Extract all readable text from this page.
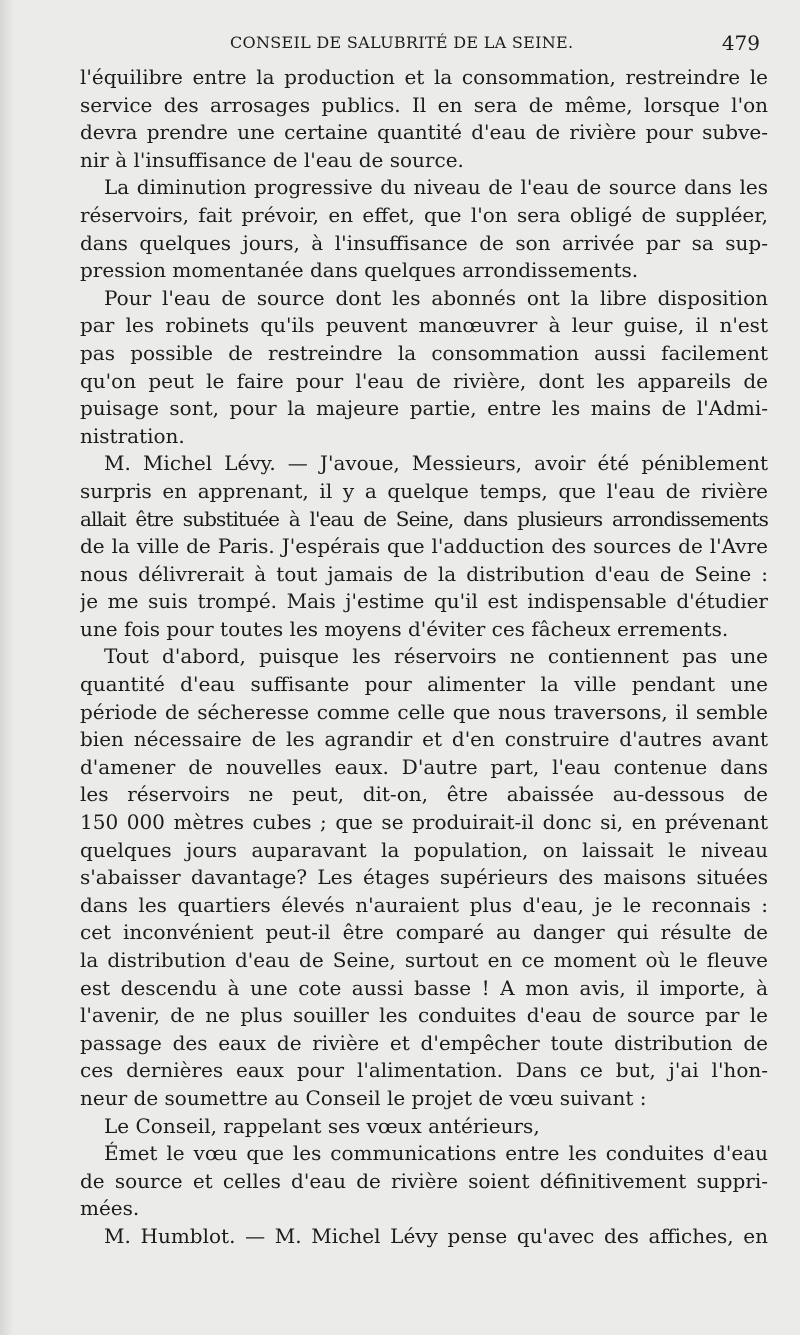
CONSEIL DE SALUBRITÉ DE LA SEINE.	479
l'équilibre entre la production et la consommation, restreindre le
service des arrosages publics. Il en sera de même, lorsque l'on
devra prendre une certaine quantité d'eau de rivière pour subve-
nir à l'insuffisance de l'eau de source.
La diminution progressive du niveau de l'eau de source dans les
réservoirs, fait prévoir, en effet, que l'on sera obligé de suppléer,
dans quelques jours, à l'insuffisance de son arrivée par sa sup-
pression momentanée dans quelques arrondissements.
Pour l'eau de source dont les abonnés ont la libre disposition
par les robinets qu'ils peuvent manœuvrer à leur guise, il n'est
pas possible de restreindre la consommation aussi facilement
qu'on peut le faire pour l'eau de rivière, dont les appareils de
puisage sont, pour la majeure partie, entre les mains de l'Admi-
nistration.
M. Michel Lévy. — J'avoue, Messieurs, avoir été péniblement
surpris en apprenant, il y a quelque temps, que l'eau de rivière
allait être substituée à l'eau de Seine, dans plusieurs arrondissements
de la ville de Paris. J'espérais que l'adduction des sources de l'Avre
nous délivrerait à tout jamais de la distribution d'eau de Seine :
je me suis trompé. Mais j'estime qu'il est indispensable d'étudier
une fois pour toutes les moyens d'éviter ces fâcheux errements.
Tout d'abord, puisque les réservoirs ne contiennent pas une
quantité d'eau suffisante pour alimenter la ville pendant une
période de sécheresse comme celle que nous traversons, il semble
bien nécessaire de les agrandir et d'en construire d'autres avant
d'amener de nouvelles eaux. D'autre part, l'eau contenue dans
les réservoirs ne peut, dit-on, être abaissée au-dessous de
150 000 mètres cubes ; que se produirait-il donc si, en prévenant
quelques jours auparavant la population, on laissait le niveau
s'abaisser davantage? Les étages supérieurs des maisons situées
dans les quartiers élevés n'auraient plus d'eau, je le reconnais :
cet inconvénient peut-il être comparé au danger qui résulte de
la distribution d'eau de Seine, surtout en ce moment où le fleuve
est descendu à une cote aussi basse ! A mon avis, il importe, à
l'avenir, de ne plus souiller les conduites d'eau de source par le
passage des eaux de rivière et d'empêcher toute distribution de
ces dernières eaux pour l'alimentation. Dans ce but, j'ai l'hon-
neur de soumettre au Conseil le projet de vœu suivant :
Le Conseil, rappelant ses vœux antérieurs,
Émet le vœu que les communications entre les conduites d'eau
de source et celles d'eau de rivière soient définitivement suppri-
mées.
M. Humblot. — M. Michel Lévy pense qu'avec des affiches, en
